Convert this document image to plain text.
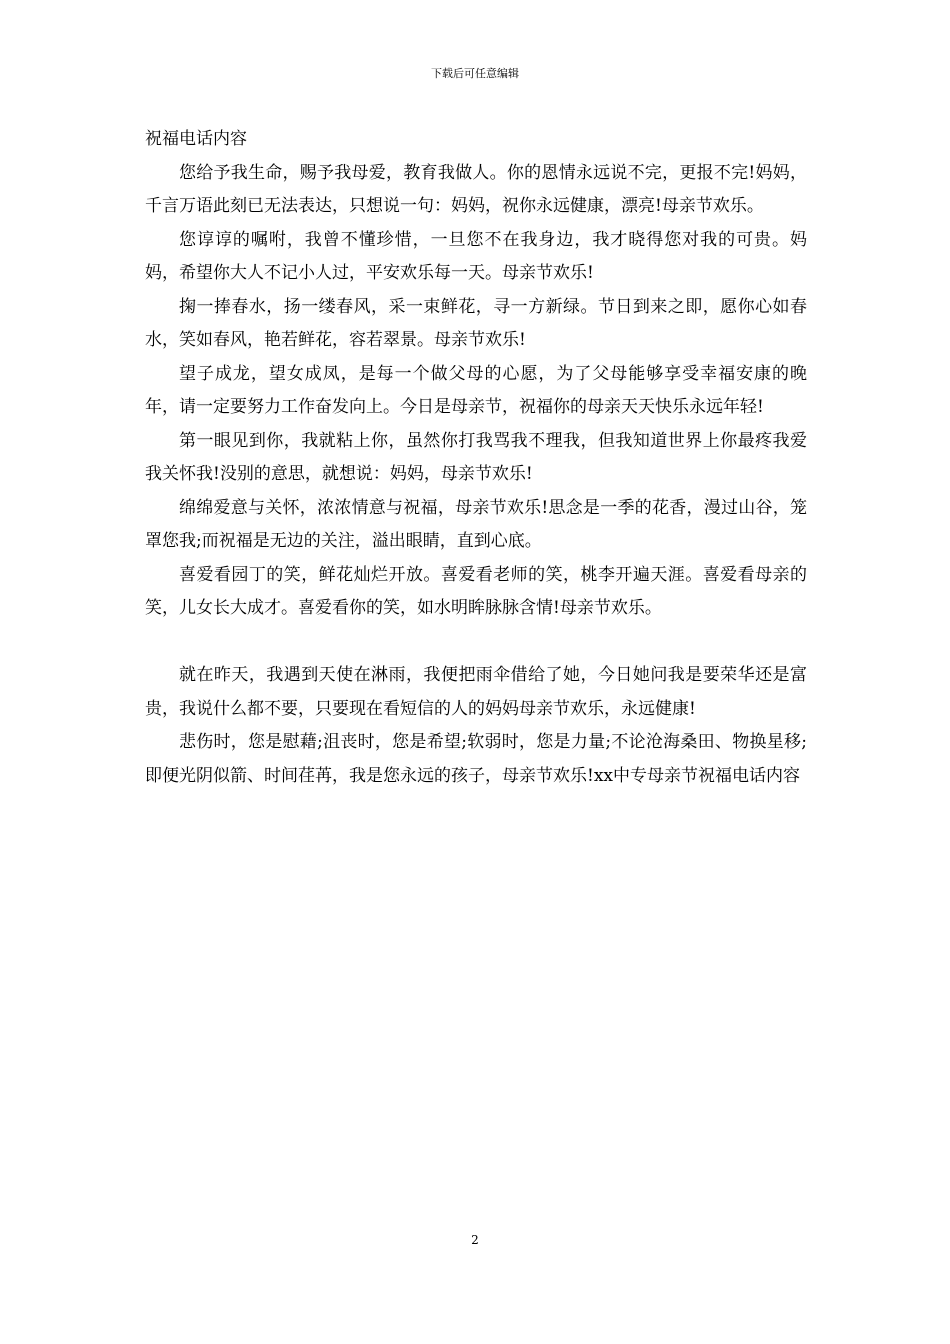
下载后可任意编辑

祝福电话内容

您给予我生命，赐予我母爱，教育我做人。你的恩情永远说不完，更报不完!妈妈，千言万语此刻已无法表达，只想说一句：妈妈，祝你永远健康，漂亮!母亲节欢乐。

您谆谆的嘱咐，我曾不懂珍惜，一旦您不在我身边，我才晓得您对我的可贵。妈妈，希望你大人不记小人过，平安欢乐每一天。母亲节欢乐!

掬一捧春水，扬一缕春风，采一束鲜花，寻一方新绿。节日到来之即，愿你心如春水，笑如春风，艳若鲜花，容若翠景。母亲节欢乐!

望子成龙，望女成凤，是每一个做父母的心愿，为了父母能够享受幸福安康的晚年，请一定要努力工作奋发向上。今日是母亲节，祝福你的母亲天天快乐永远年轻!

第一眼见到你，我就粘上你，虽然你打我骂我不理我，但我知道世界上你最疼我爱我关怀我!没别的意思，就想说：妈妈，母亲节欢乐!

绵绵爱意与关怀，浓浓情意与祝福，母亲节欢乐!思念是一季的花香，漫过山谷，笼罩您我;而祝福是无边的关注，溢出眼睛，直到心底。

喜爱看园丁的笑，鲜花灿烂开放。喜爱看老师的笑，桃李开遍天涯。喜爱看母亲的笑，儿女长大成才。喜爱看你的笑，如水明眸脉脉含情!母亲节欢乐。

就在昨天，我遇到天使在淋雨，我便把雨伞借给了她，今日她问我是要荣华还是富贵，我说什么都不要，只要现在看短信的人的妈妈母亲节欢乐，永远健康!

悲伤时，您是慰藉;沮丧时，您是希望;软弱时，您是力量;不论沧海桑田、物换星移;即便光阴似箭、时间荏苒，我是您永远的孩子，母亲节欢乐!xx中专母亲节祝福电话内容

2
